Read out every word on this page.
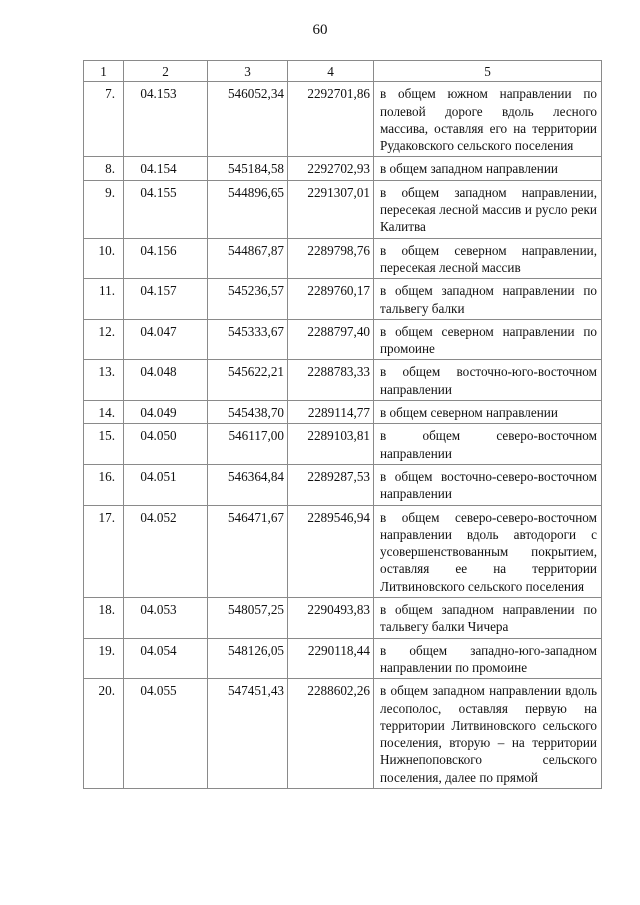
60
1	2	3	4	5
7.	04.153	546052,34	2292701,86	в общем южном направлении по полевой дороге вдоль лесного массива, оставляя его на территории Рудаковского сельского поселения
8.	04.154	545184,58	2292702,93	в общем западном направлении
9.	04.155	544896,65	2291307,01	в общем западном направлении, пересекая лесной массив и русло реки Калитва
10.	04.156	544867,87	2289798,76	в общем северном направлении, пересекая лесной массив
11.	04.157	545236,57	2289760,17	в общем западном направлении по тальвегу балки
12.	04.047	545333,67	2288797,40	в общем северном направлении по промоине
13.	04.048	545622,21	2288783,33	в общем восточно-юго-восточном направлении
14.	04.049	545438,70	2289114,77	в общем северном направлении
15.	04.050	546117,00	2289103,81	в общем северо-восточном направлении
16.	04.051	546364,84	2289287,53	в общем восточно-северо-восточном направлении
17.	04.052	546471,67	2289546,94	в общем северо-северо-восточном направлении вдоль автодороги с усовершенствованным покрытием, оставляя ее на территории Литвиновского сельского поселения
18.	04.053	548057,25	2290493,83	в общем западном направлении по тальвегу балки Чичера
19.	04.054	548126,05	2290118,44	в общем западно-юго-западном направлении по промоине
20.	04.055	547451,43	2288602,26	в общем западном направлении вдоль лесополос, оставляя первую на территории Литвиновского сельского поселения, вторую – на территории Нижнепоповского сельского поселения, далее по прямой
